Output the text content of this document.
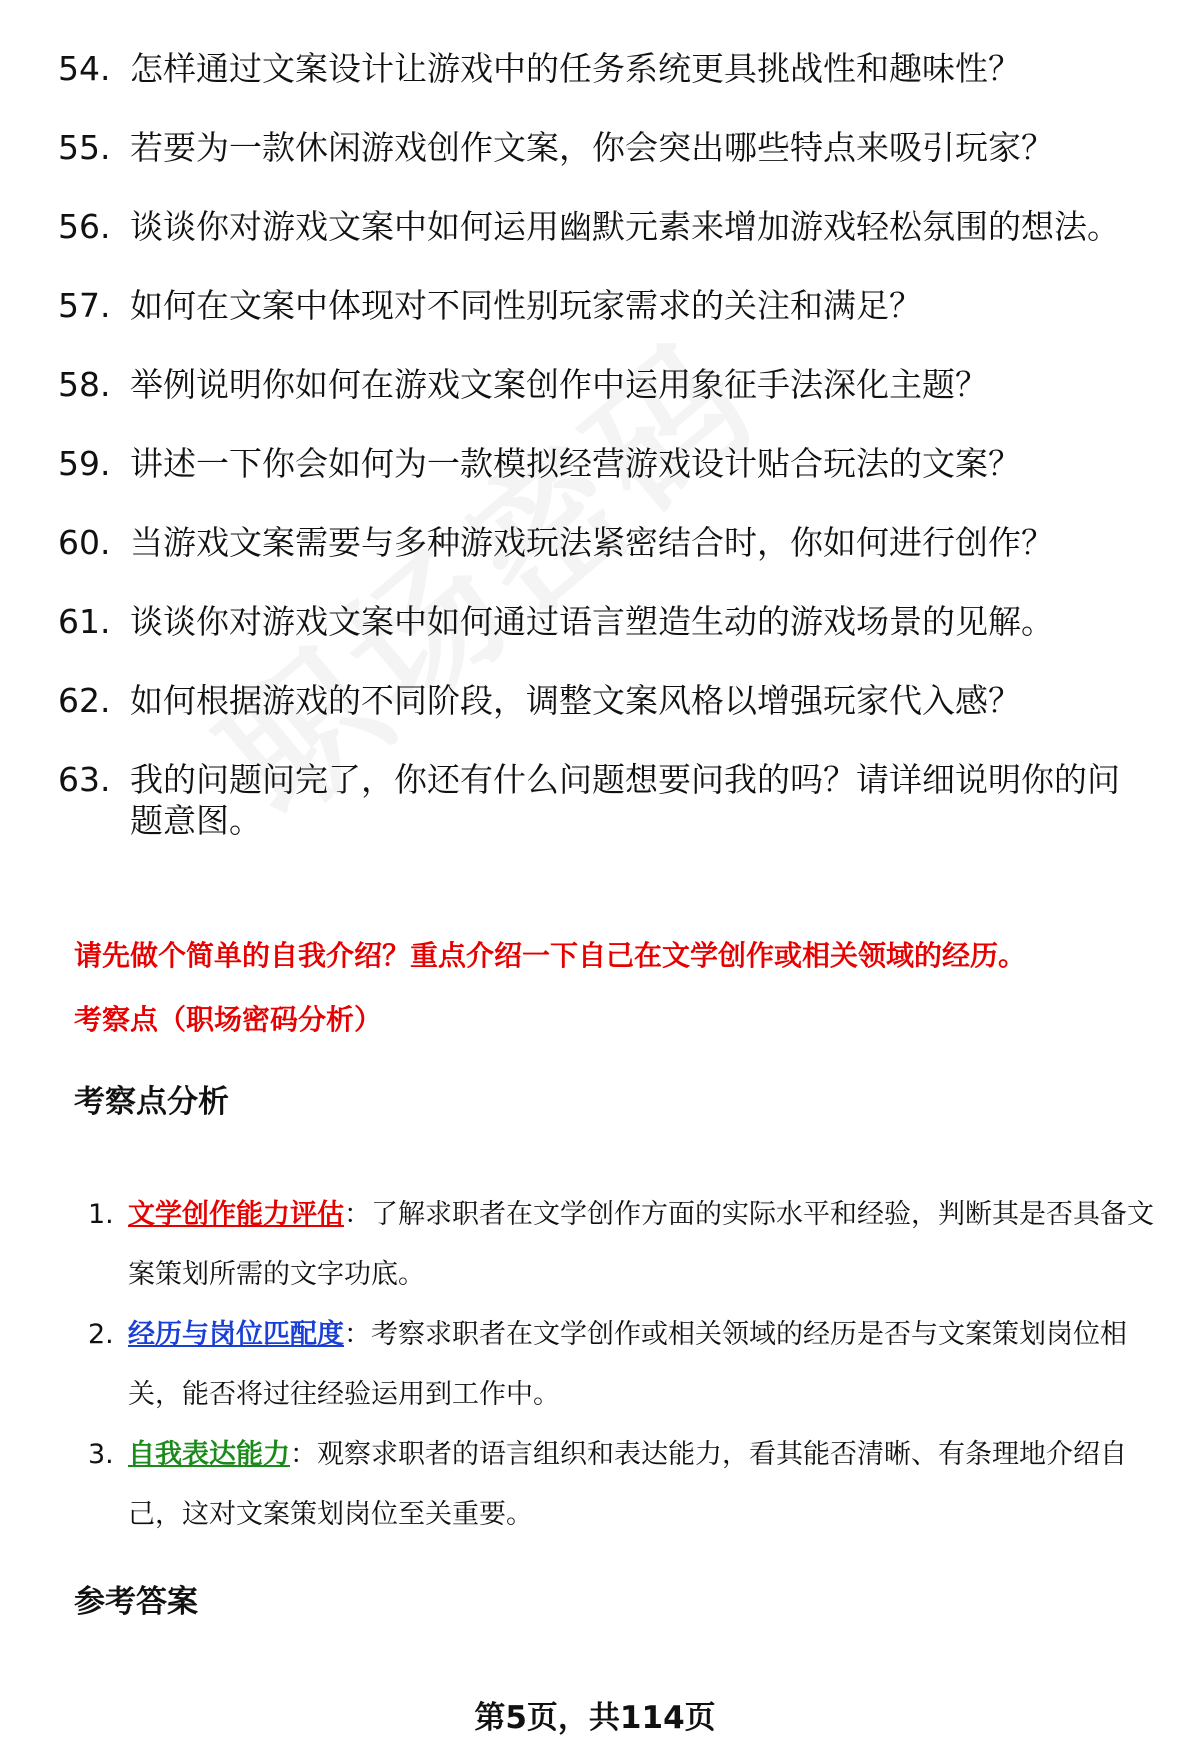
54. 怎样通过文案设计让游戏中的任务系统更具挑战性和趣味性？
55. 若要为一款休闲游戏创作文案，你会突出哪些特点来吸引玩家？
56. 谈谈你对游戏文案中如何运用幽默元素来增加游戏轻松氛围的想法。
57. 如何在文案中体现对不同性别玩家需求的关注和满足？
58. 举例说明你如何在游戏文案创作中运用象征手法深化主题？
59. 讲述一下你会如何为一款模拟经营游戏设计贴合玩法的文案？
60. 当游戏文案需要与多种游戏玩法紧密结合时，你如何进行创作？
61. 谈谈你对游戏文案中如何通过语言塑造生动的游戏场景的见解。
62. 如何根据游戏的不同阶段，调整文案风格以增强玩家代入感？
63. 我的问题问完了，你还有什么问题想要问我的吗？请详细说明你的问题意图。
请先做个简单的自我介绍？重点介绍一下自己在文学创作或相关领域的经历。
考察点（职场密码分析）
考察点分析
1. 文学创作能力评估：了解求职者在文学创作方面的实际水平和经验，判断其是否具备文案策划所需的文字功底。
2. 经历与岗位匹配度：考察求职者在文学创作或相关领域的经历是否与文案策划岗位相关，能否将过往经验运用到工作中。
3. 自我表达能力：观察求职者的语言组织和表达能力，看其能否清晰、有条理地介绍自己，这对文案策划岗位至关重要。
参考答案
第5页，共114页
